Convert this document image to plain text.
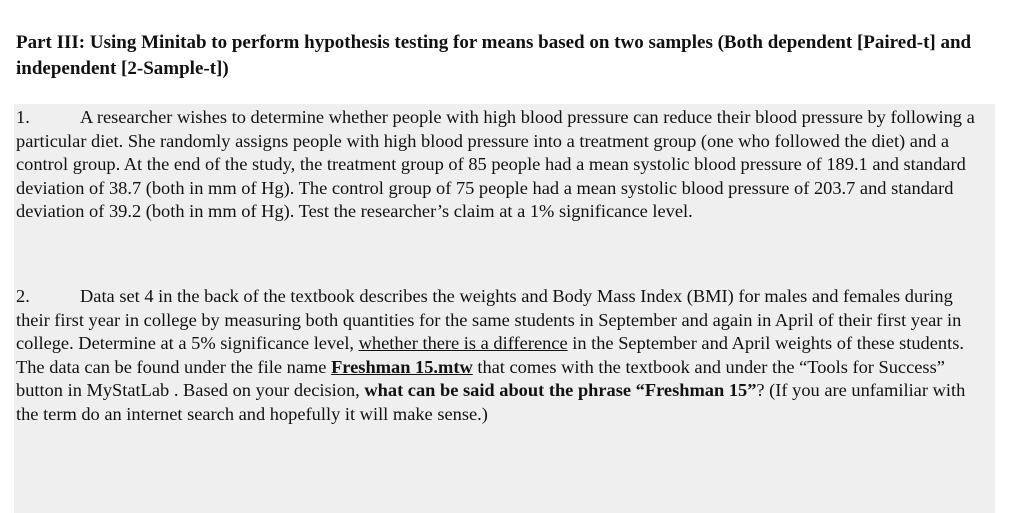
Part III: Using Minitab to perform hypothesis testing for means based on two samples (Both dependent [Paired-t] and independent [2-Sample-t])

1.	A researcher wishes to determine whether people with high blood pressure can reduce their blood pressure by following a particular diet. She randomly assigns people with high blood pressure into a treatment group (one who followed the diet) and a control group. At the end of the study, the treatment group of 85 people had a mean systolic blood pressure of 189.1 and standard deviation of 38.7 (both in mm of Hg). The control group of 75 people had a mean systolic blood pressure of 203.7 and standard deviation of 39.2 (both in mm of Hg). Test the researcher’s claim at a 1% significance level.

2.	Data set 4 in the back of the textbook describes the weights and Body Mass Index (BMI) for males and females during their first year in college by measuring both quantities for the same students in September and again in April of their first year in college. Determine at a 5% significance level, whether there is a difference in the September and April weights of these students. The data can be found under the file name Freshman 15.mtw that comes with the textbook and under the “Tools for Success” button in MyStatLab . Based on your decision, what can be said about the phrase “Freshman 15”? (If you are unfamiliar with the term do an internet search and hopefully it will make sense.)
